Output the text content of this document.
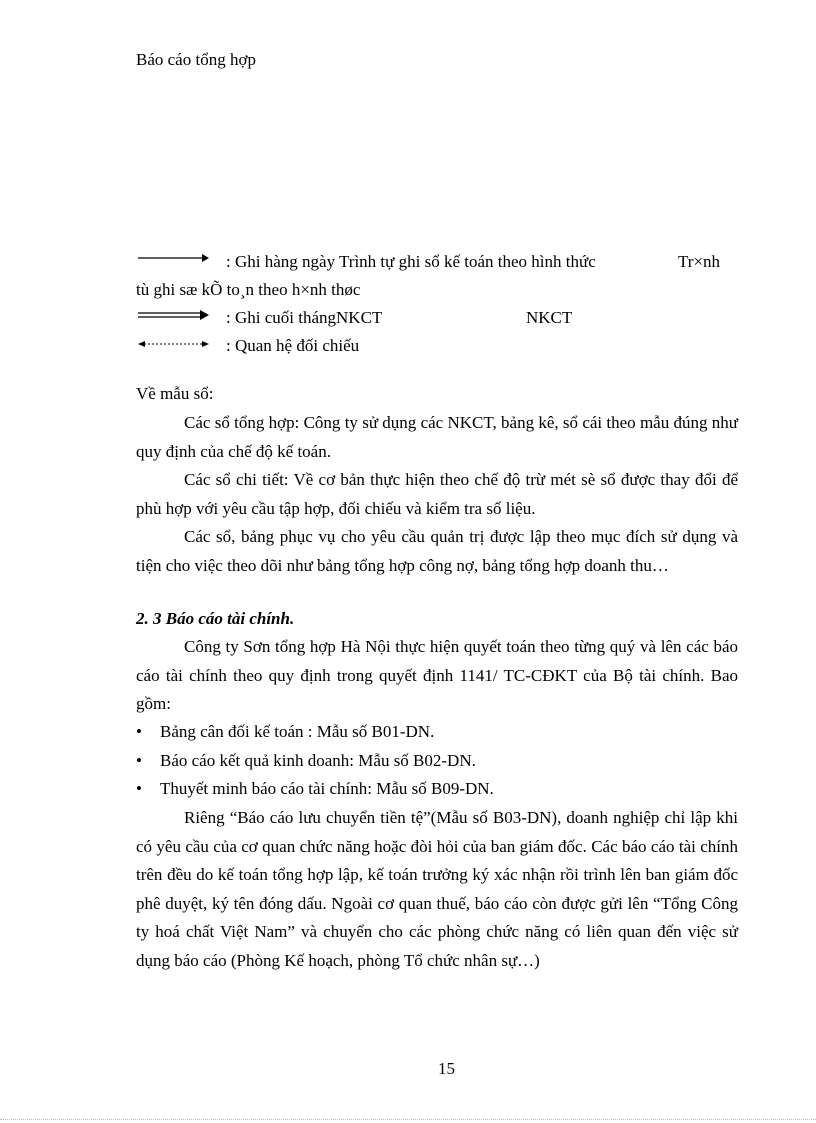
Báo cáo tổng hợp
: Ghi hàng ngày Trình tự ghi sổ kế toán theo hình thức	Tr×nh
tù ghi sæ kÕ to¸n theo h×nh thøc
: Ghi cuối thángNKCT	NKCT
: Quan hệ đối chiếu
Về mẫu sổ:
Các sổ tổng hợp: Công ty sử dụng các NKCT, bảng kê, sổ cái theo mẫu đúng như quy định của chế độ kế toán.
Các sổ chi tiết: Về cơ bản thực hiện theo chế độ trừ mét sè sổ được thay đổi để phù hợp với yêu cầu tập hợp, đối chiếu và kiểm tra số liệu.
Các sổ, bảng phục vụ cho yêu cầu quản trị được lập theo mục đích sử dụng và tiện cho việc theo dõi như bảng tổng hợp công nợ, bảng tổng hợp doanh thu…
2. 3 Báo cáo tài chính.
Công ty Sơn tổng hợp Hà Nội thực hiện quyết toán theo từng quý và lên các báo cáo tài chính theo quy định trong quyết định 1141/ TC-CĐKT của Bộ tài chính. Bao gồm:
• Bảng cân đối kế toán : Mẫu số B01-DN.
• Báo cáo kết quả kinh doanh: Mẫu số B02-DN.
• Thuyết minh báo cáo tài chính: Mẫu số B09-DN.
Riêng “Báo cáo lưu chuyển tiền tệ”(Mẫu số B03-DN), doanh nghiệp chỉ lập khi có yêu cầu của cơ quan chức năng hoặc đòi hỏi của ban giám đốc. Các báo cáo tài chính trên đều do kế toán tổng hợp lập, kế toán trưởng ký xác nhận rồi trình lên ban giám đốc phê duyệt, ký tên đóng dấu. Ngoài cơ quan thuế, báo cáo còn được gửi lên “Tổng Công ty hoá chất Việt Nam” và chuyển cho các phòng chức năng có liên quan đến việc sử dụng báo cáo (Phòng Kế hoạch, phòng Tổ chức nhân sự…)
15
